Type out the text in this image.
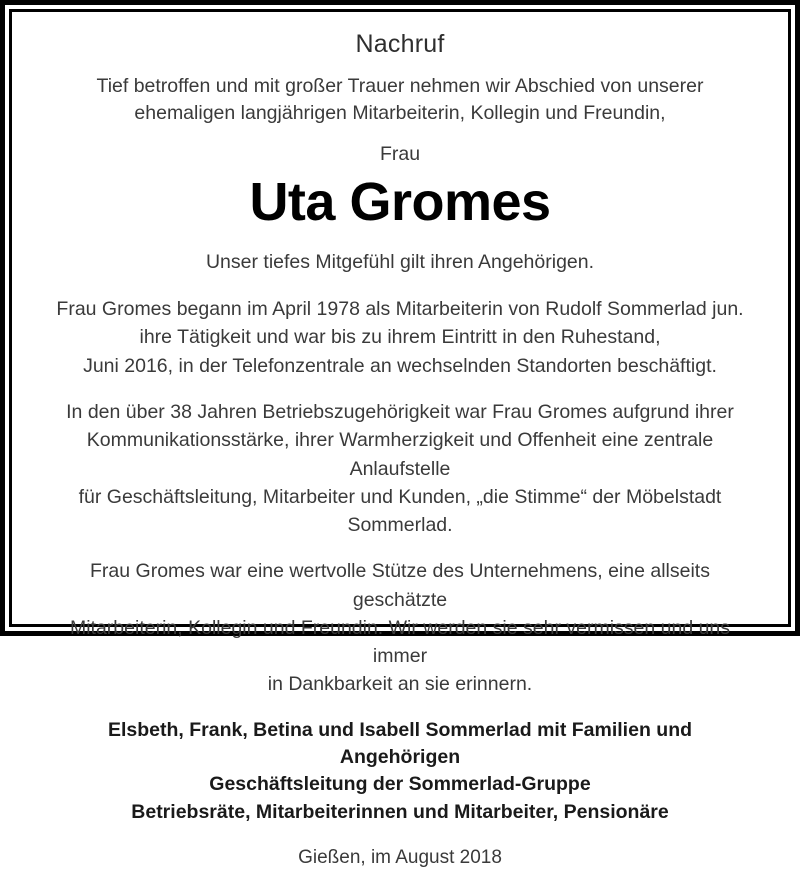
Nachruf
Tief betroffen und mit großer Trauer nehmen wir Abschied von unserer
ehemaligen langjährigen Mitarbeiterin, Kollegin und Freundin,
Frau
Uta Gromes
Unser tiefes Mitgefühl gilt ihren Angehörigen.
Frau Gromes begann im April 1978 als Mitarbeiterin von Rudolf Sommerlad jun.
ihre Tätigkeit und war bis zu ihrem Eintritt in den Ruhestand,
Juni 2016, in der Telefonzentrale an wechselnden Standorten beschäftigt.
In den über 38 Jahren Betriebszugehörigkeit war Frau Gromes aufgrund ihrer
Kommunikationsstärke, ihrer Warmherzigkeit und Offenheit eine zentrale Anlaufstelle
für Geschäftsleitung, Mitarbeiter und Kunden, „die Stimme“ der Möbelstadt Sommerlad.
Frau Gromes war eine wertvolle Stütze des Unternehmens, eine allseits geschätzte
Mitarbeiterin, Kollegin und Freundin. Wir werden sie sehr vermissen und uns immer
in Dankbarkeit an sie erinnern.
Elsbeth, Frank, Betina und Isabell Sommerlad mit Familien und Angehörigen
Geschäftsleitung der Sommerlad-Gruppe
Betriebsräte, Mitarbeiterinnen und Mitarbeiter, Pensionäre
Gießen, im August 2018
